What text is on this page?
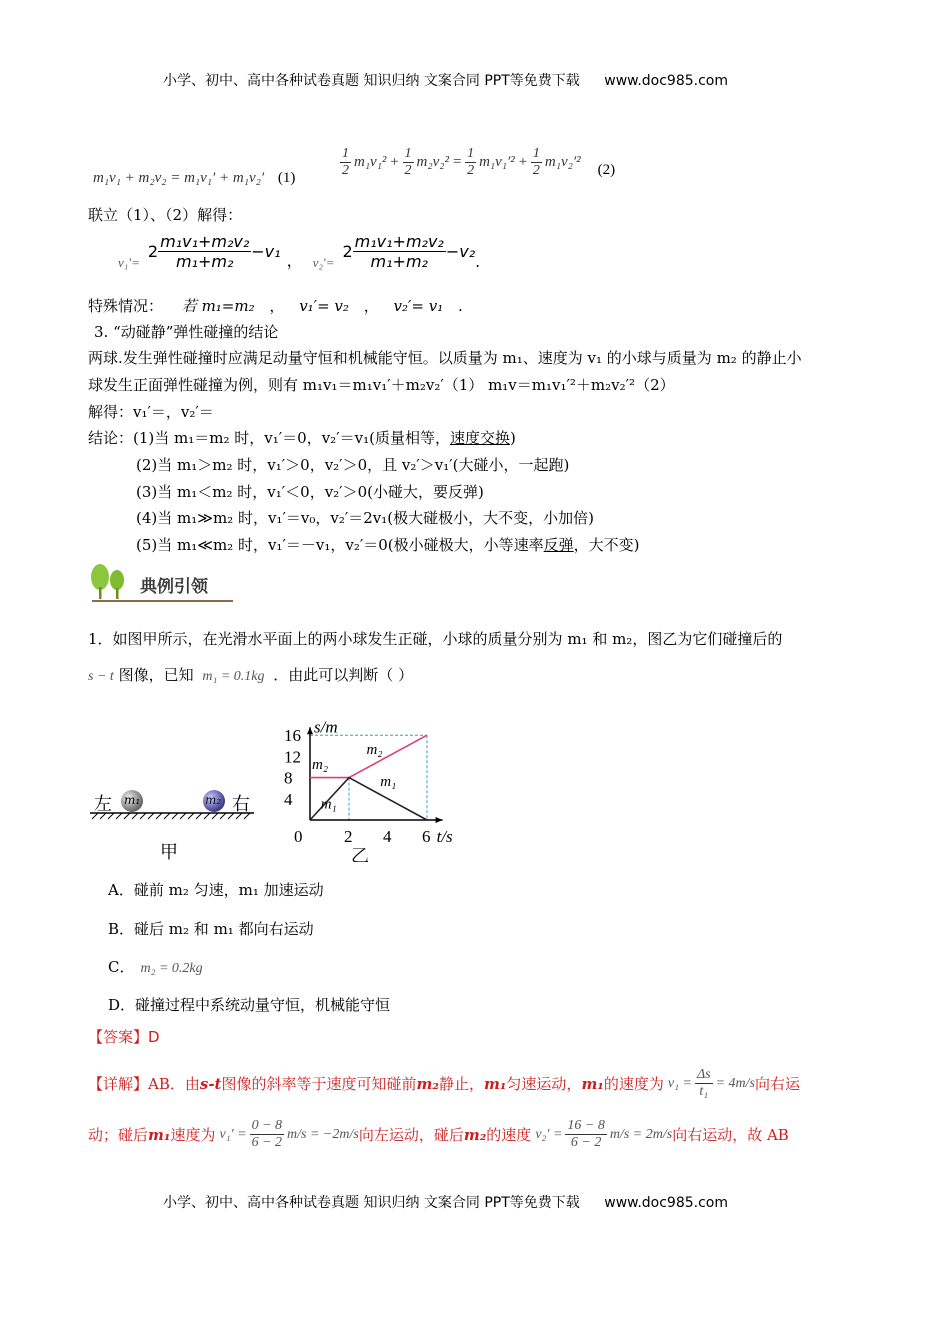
小学、初中、高中各种试卷真题 知识归纳 文案合同 PPT等免费下载 www.doc985.com
m₁v₁ + m₂v₂ = m₁v₁′ + m₁v₂′ (1)	$\frac{1}{2} m_1v_1^2 + \frac{1}{2} m_2v_2^2 = \frac{1}{2} m_1v_1'^2 + \frac{1}{2} m_1v_2'^2$ (2)
联立（1）、（2）解得：
v₁′=
$2 \frac{\text{m₁v₁+m₂v₂}}{\text{m₁+m₂}} -v_1$ ， v₂′=
$2 \frac{\text{m₁v₁+m₂v₂}}{\text{m₁+m₂}} -v_2$
.
特殊情况： 若 m₁=m₂ ， v₁′= v₂ ， v₂′= v₁ .
3. “动碰静”弹性碰撞的结论
两球.发生弹性碰撞时应满足动量守恒和机械能守恒。以质量为 m₁、速度为 v₁ 的小球与质量为 m₂ 的静止小
球发生正面弹性碰撞为例，则有 m₁v₁＝m₁v₁′＋m₂v₂′（1） m₁v＝m₁v₁′²＋m₂v₂′²（2）
解得：v₁′＝，v₂′＝
结论：(1)当 m₁＝m₂ 时，v₁′＝0，v₂′＝v₁(质量相等，速度交换)
(2)当 m₁＞m₂ 时，v₁′＞0，v₂′＞0，且 v₂′＞v₁′(大碰小，一起跑)
(3)当 m₁＜m₂ 时，v₁′＜0，v₂′＞0(小碰大，要反弹)
(4)当 m₁≫m₂ 时，v₁′＝v₀，v₂′＝2v₁(极大碰极小，大不变，小加倍)
(5)当 m₁≪m₂ 时，v₁′＝－v₁，v₂′＝0(极小碰极大，小等速率反弹，大不变)
典例引领
1．如图甲所示，在光滑水平面上的两小球发生正碰，小球的质量分别为 m₁ 和 m₂，图乙为它们碰撞后的
s − t 图像，已知 m₁ = 0.1kg ．由此可以判断（ ）
左 m₁	m₂ 右
甲
4
8
12
16
2 4 6
0
s/m
t/s
m₂
m₂
m₁
m₁
乙
A．碰前 m₂ 匀速，m₁ 加速运动
B．碰后 m₂ 和 m₁ 都向右运动
C． m₂ = 0.2kg
D．碰撞过程中系统动量守恒，机械能守恒
【答案】D
【详解】 AB．由 s-t 图像的斜率等于速度可知碰前 m₂ 静止， m₁ 匀速运动， m₁ 的速度为 $v_1 = \frac{\Delta s}{\text{t₁}} = 4m/s$ 向右运
动；碰后 m₁ 速度为 $v_1' = \frac{0 - 8}{6 - 2} m/s = -2m/s$ 向左运动，碰后 m₂ 的速度 $v_2' = \frac{16 - 8}{6 - 2} m/s = 2m/s$ 向右运动，故 AB
小学、初中、高中各种试卷真题 知识归纳 文案合同 PPT等免费下载 www.doc985.com
